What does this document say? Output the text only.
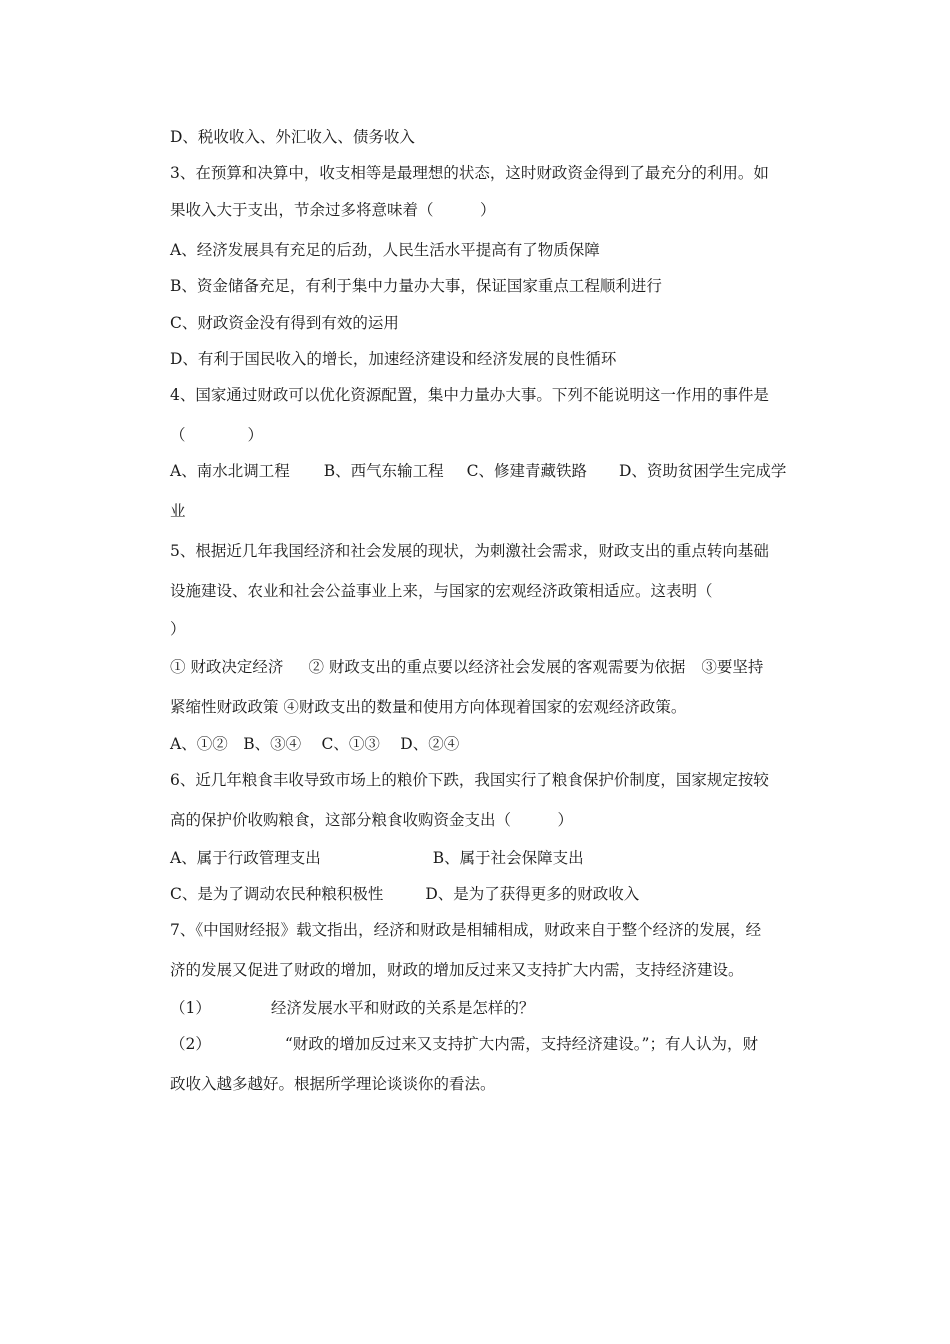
D、税收收入、外汇收入、债务收入
3、在预算和决算中，收支相等是最理想的状态，这时财政资金得到了最充分的利用。如
果收入大于支出，节余过多将意味着（　　　）
A、经济发展具有充足的后劲，人民生活水平提高有了物质保障
B、资金储备充足，有利于集中力量办大事，保证国家重点工程顺利进行
C、财政资金没有得到有效的运用
D、有利于国民收入的增长，加速经济建设和经济发展的良性循环
4、国家通过财政可以优化资源配置，集中力量办大事。下列不能说明这一作用的事件是
（　　　　）
A、南水北调工程 B、西气东输工程 C、修建青藏铁路 D、资助贫困学生完成学
业
5、根据近几年我国经济和社会发展的现状，为刺激社会需求，财政支出的重点转向基础
设施建设、农业和社会公益事业上来，与国家的宏观经济政策相适应。这表明（
）
① 财政决定经济 ② 财政支出的重点要以经济社会发展的客观需要为依据 ③要坚持
紧缩性财政政策 ④财政支出的数量和使用方向体现着国家的宏观经济政策。
A、①②　B、③④　 C、①③　 D、②④
6、近几年粮食丰收导致市场上的粮价下跌，我国实行了粮食保护价制度，国家规定按较
高的保护价收购粮食，这部分粮食收购资金支出（　　　）
A、属于行政管理支出	B、属于社会保障支出
C、是为了调动农民种粮积极性	D、是为了获得更多的财政收入
7、《中国财经报》载文指出，经济和财政是相辅相成，财政来自于整个经济的发展，经
济的发展又促进了财政的增加，财政的增加反过来又支持扩大内需，支持经济建设。
（1）	经济发展水平和财政的关系是怎样的？
（2）	“财政的增加反过来又支持扩大内需，支持经济建设。”；有人认为，财
政收入越多越好。根据所学理论谈谈你的看法。
